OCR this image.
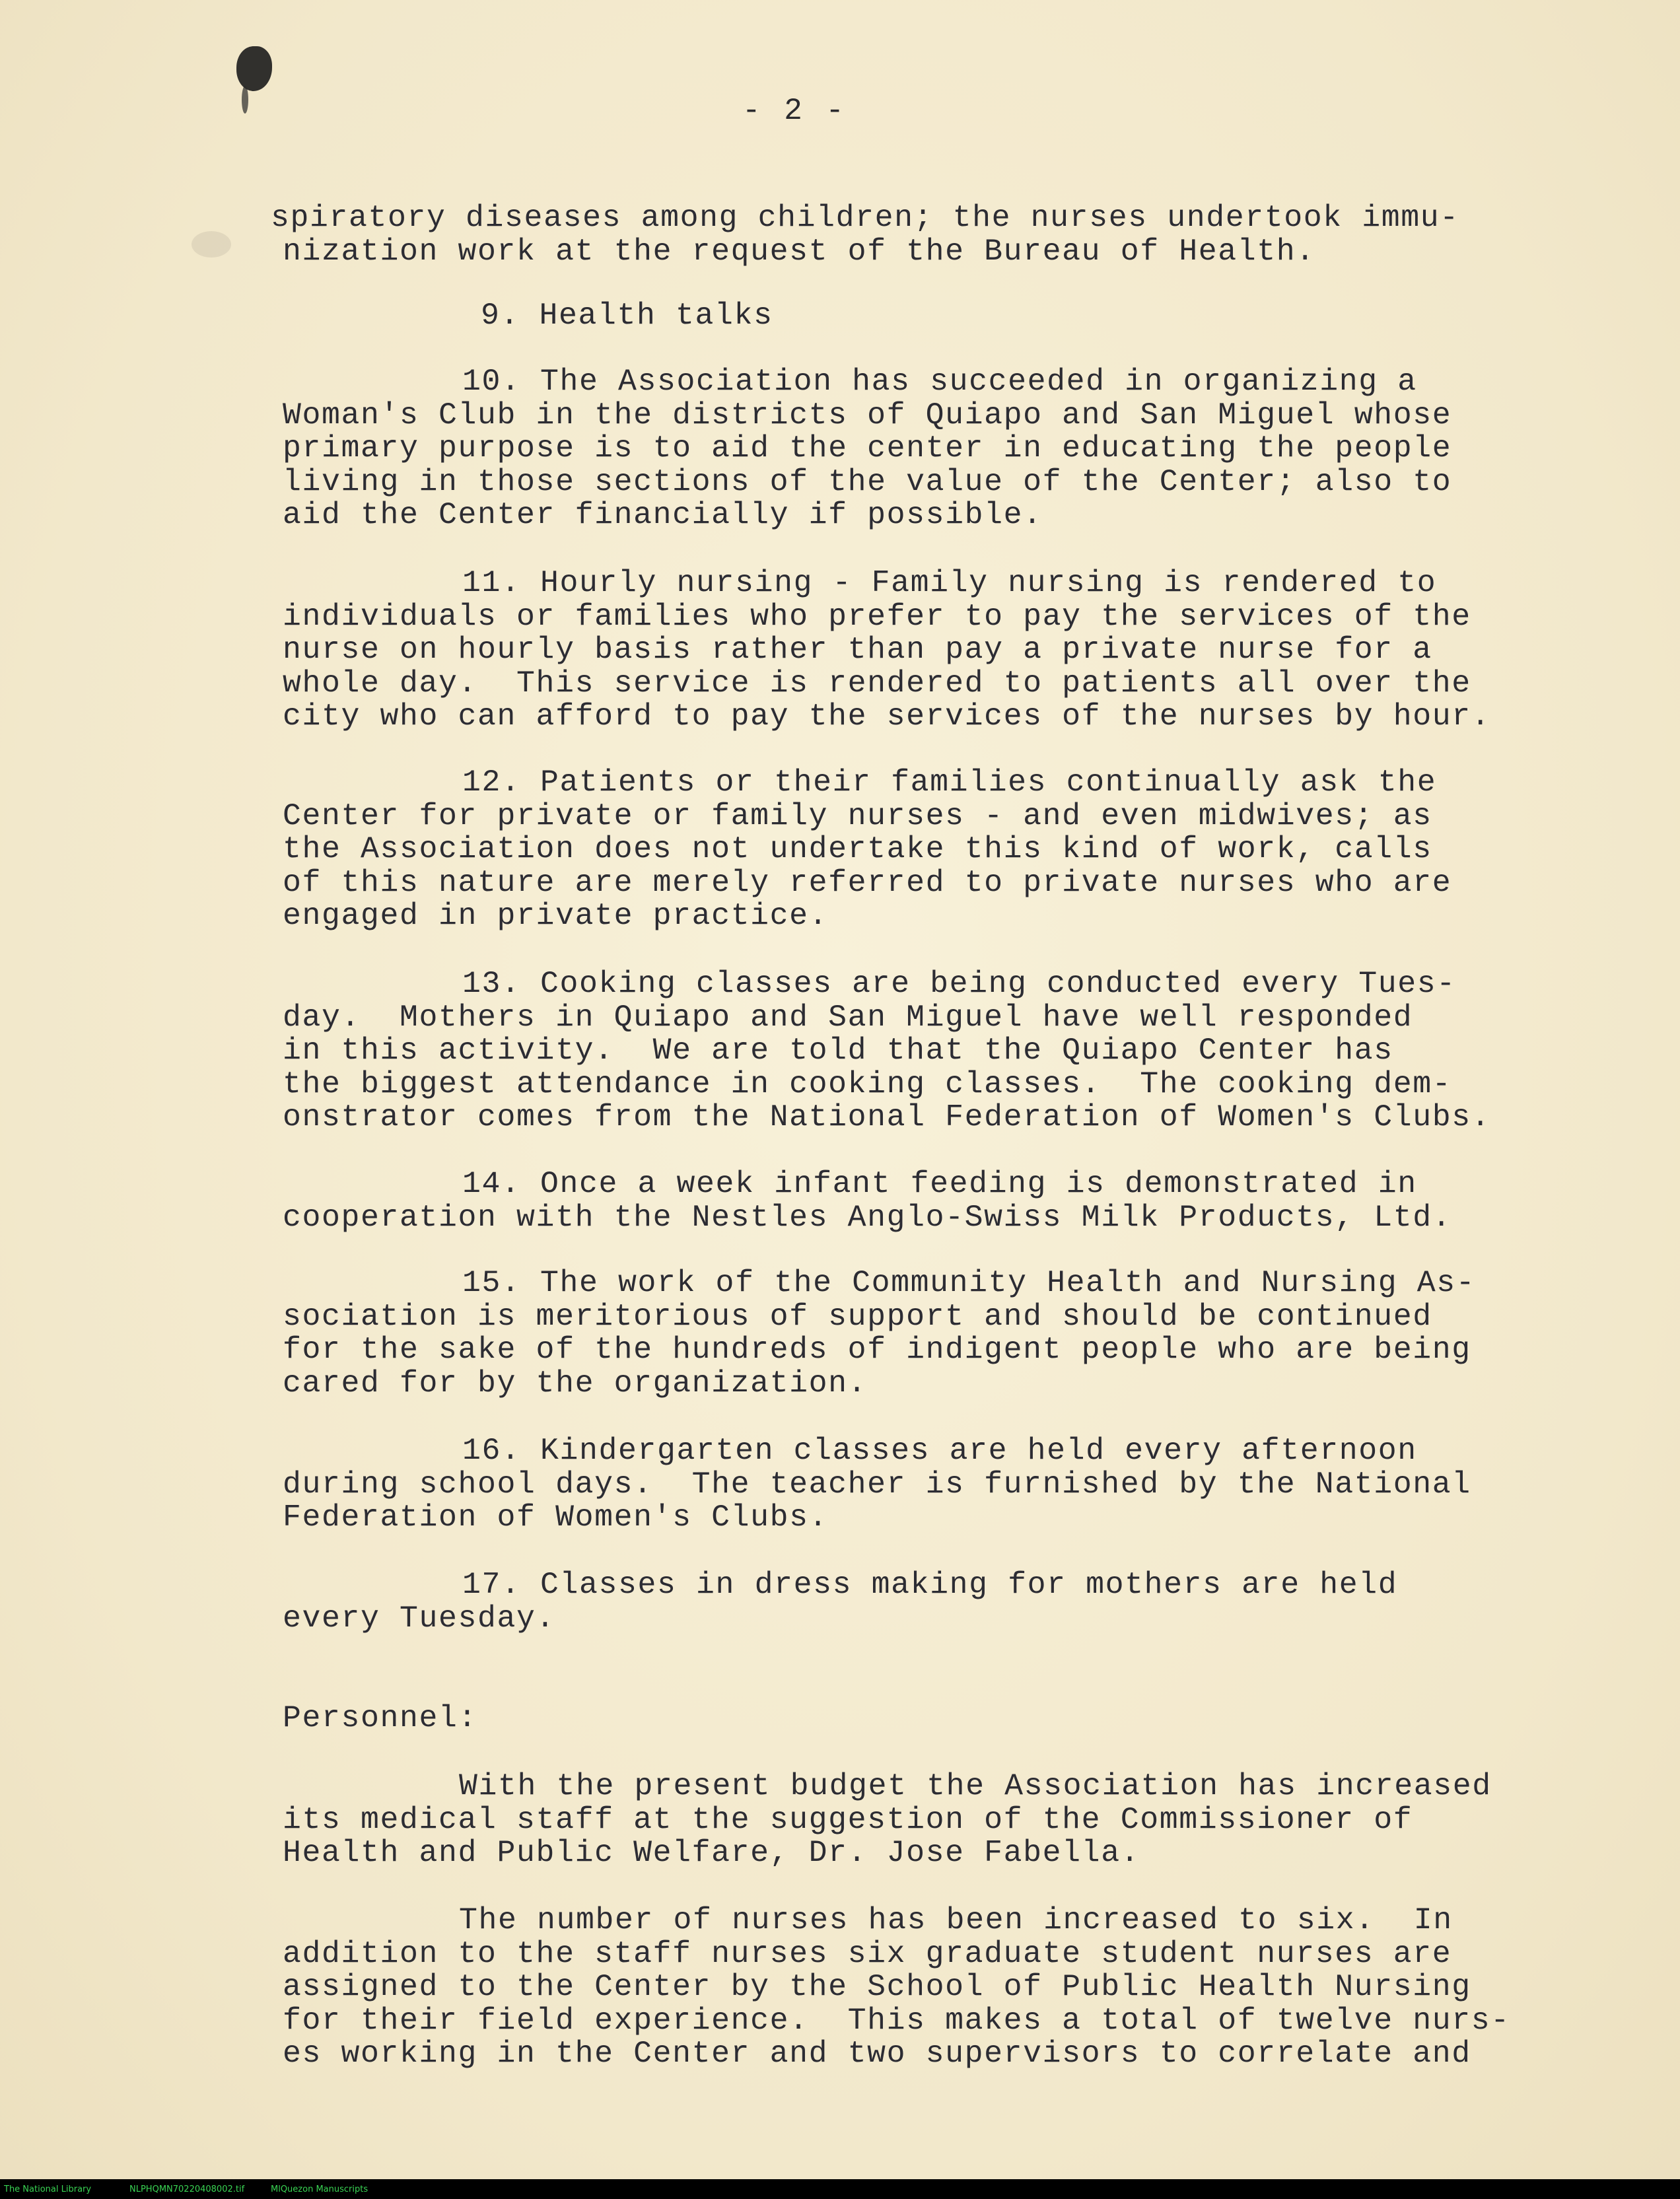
- 2 -
spiratory diseases among children; the nurses undertook immu-
nization work at the request of the Bureau of Health.
9. Health talks
10. The Association has succeeded in organizing a
Woman's Club in the districts of Quiapo and San Miguel whose
primary purpose is to aid the center in educating the people
living in those sections of the value of the Center; also to
aid the Center financially if possible.
11. Hourly nursing - Family nursing is rendered to
individuals or families who prefer to pay the services of the
nurse on hourly basis rather than pay a private nurse for a
whole day.  This service is rendered to patients all over the
city who can afford to pay the services of the nurses by hour.
12. Patients or their families continually ask the
Center for private or family nurses - and even midwives; as
the Association does not undertake this kind of work, calls
of this nature are merely referred to private nurses who are
engaged in private practice.
13. Cooking classes are being conducted every Tues-
day.  Mothers in Quiapo and San Miguel have well responded
in this activity.  We are told that the Quiapo Center has
the biggest attendance in cooking classes.  The cooking dem-
onstrator comes from the National Federation of Women's Clubs.
14. Once a week infant feeding is demonstrated in
cooperation with the Nestles Anglo-Swiss Milk Products, Ltd.
15. The work of the Community Health and Nursing As-
sociation is meritorious of support and should be continued
for the sake of the hundreds of indigent people who are being
cared for by the organization.
16. Kindergarten classes are held every afternoon
during school days.  The teacher is furnished by the National
Federation of Women's Clubs.
17. Classes in dress making for mothers are held
every Tuesday.
Personnel:
With the present budget the Association has increased
its medical staff at the suggestion of the Commissioner of
Health and Public Welfare, Dr. Jose Fabella.
The number of nurses has been increased to six.  In
addition to the staff nurses six graduate student nurses are
assigned to the Center by the School of Public Health Nursing
for their field experience.  This makes a total of twelve nurs-
es working in the Center and two supervisors to correlate and
The National Library	NLPHQMN70220408002.tif	MlQuezon Manuscripts
